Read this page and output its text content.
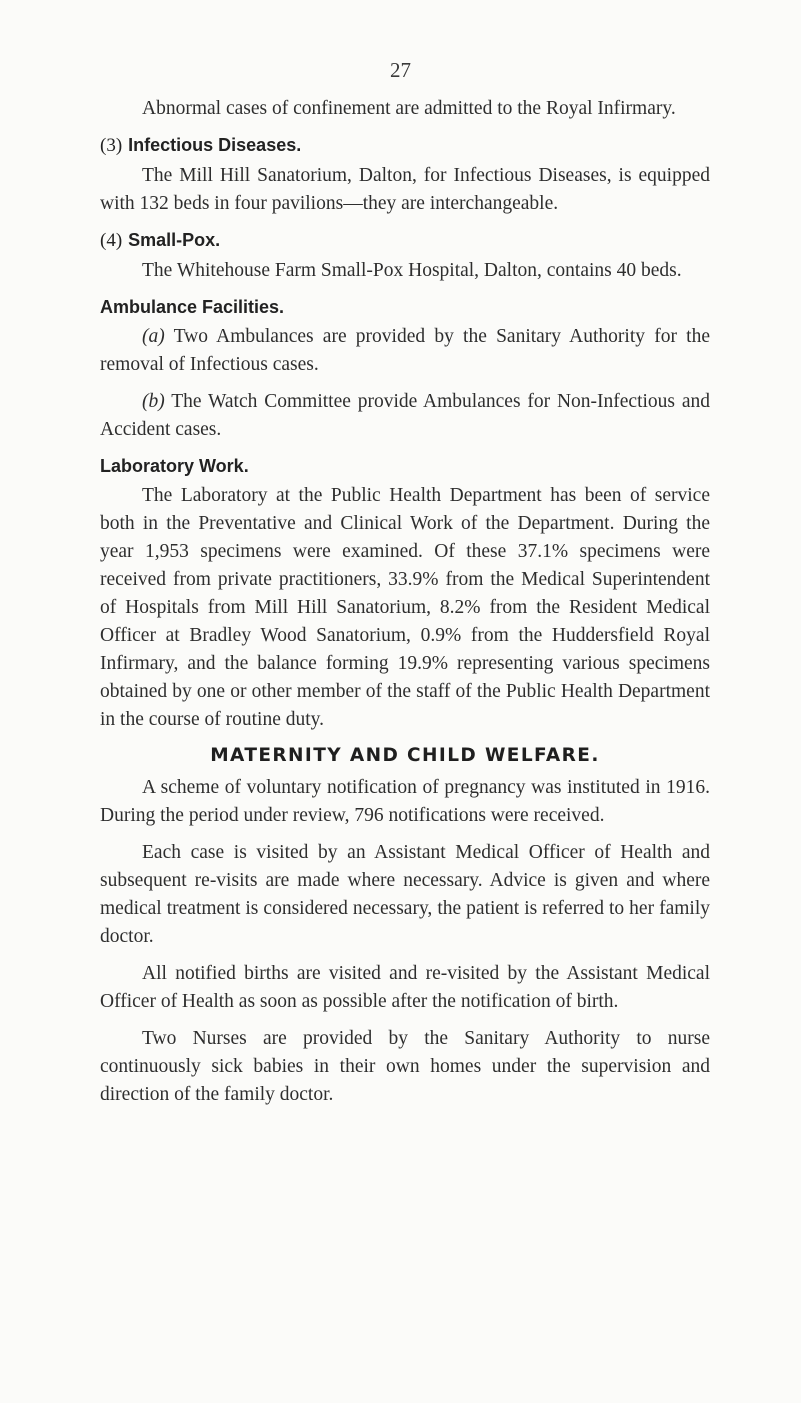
27

Abnormal cases of confinement are admitted to the Royal Infirmary.

(3) Infectious Diseases.

The Mill Hill Sanatorium, Dalton, for Infectious Diseases, is equipped with 132 beds in four pavilions—they are interchangeable.

(4) Small-Pox.

The Whitehouse Farm Small-Pox Hospital, Dalton, contains 40 beds.

Ambulance Facilities.

(a) Two Ambulances are provided by the Sanitary Authority for the removal of Infectious cases.

(b) The Watch Committee provide Ambulances for Non-Infectious and Accident cases.

Laboratory Work.

The Laboratory at the Public Health Department has been of service both in the Preventative and Clinical Work of the Department. During the year 1,953 specimens were examined. Of these 37.1% specimens were received from private practitioners, 33.9% from the Medical Superintendent of Hospitals from Mill Hill Sanatorium, 8.2% from the Resident Medical Officer at Bradley Wood Sanatorium, 0.9% from the Huddersfield Royal Infirmary, and the balance forming 19.9% representing various specimens obtained by one or other member of the staff of the Public Health Department in the course of routine duty.

MATERNITY AND CHILD WELFARE.

A scheme of voluntary notification of pregnancy was instituted in 1916. During the period under review, 796 notifications were received.

Each case is visited by an Assistant Medical Officer of Health and subsequent re-visits are made where necessary. Advice is given and where medical treatment is considered necessary, the patient is referred to her family doctor.

All notified births are visited and re-visited by the Assistant Medical Officer of Health as soon as possible after the notification of birth.

Two Nurses are provided by the Sanitary Authority to nurse continuously sick babies in their own homes under the supervision and direction of the family doctor.
